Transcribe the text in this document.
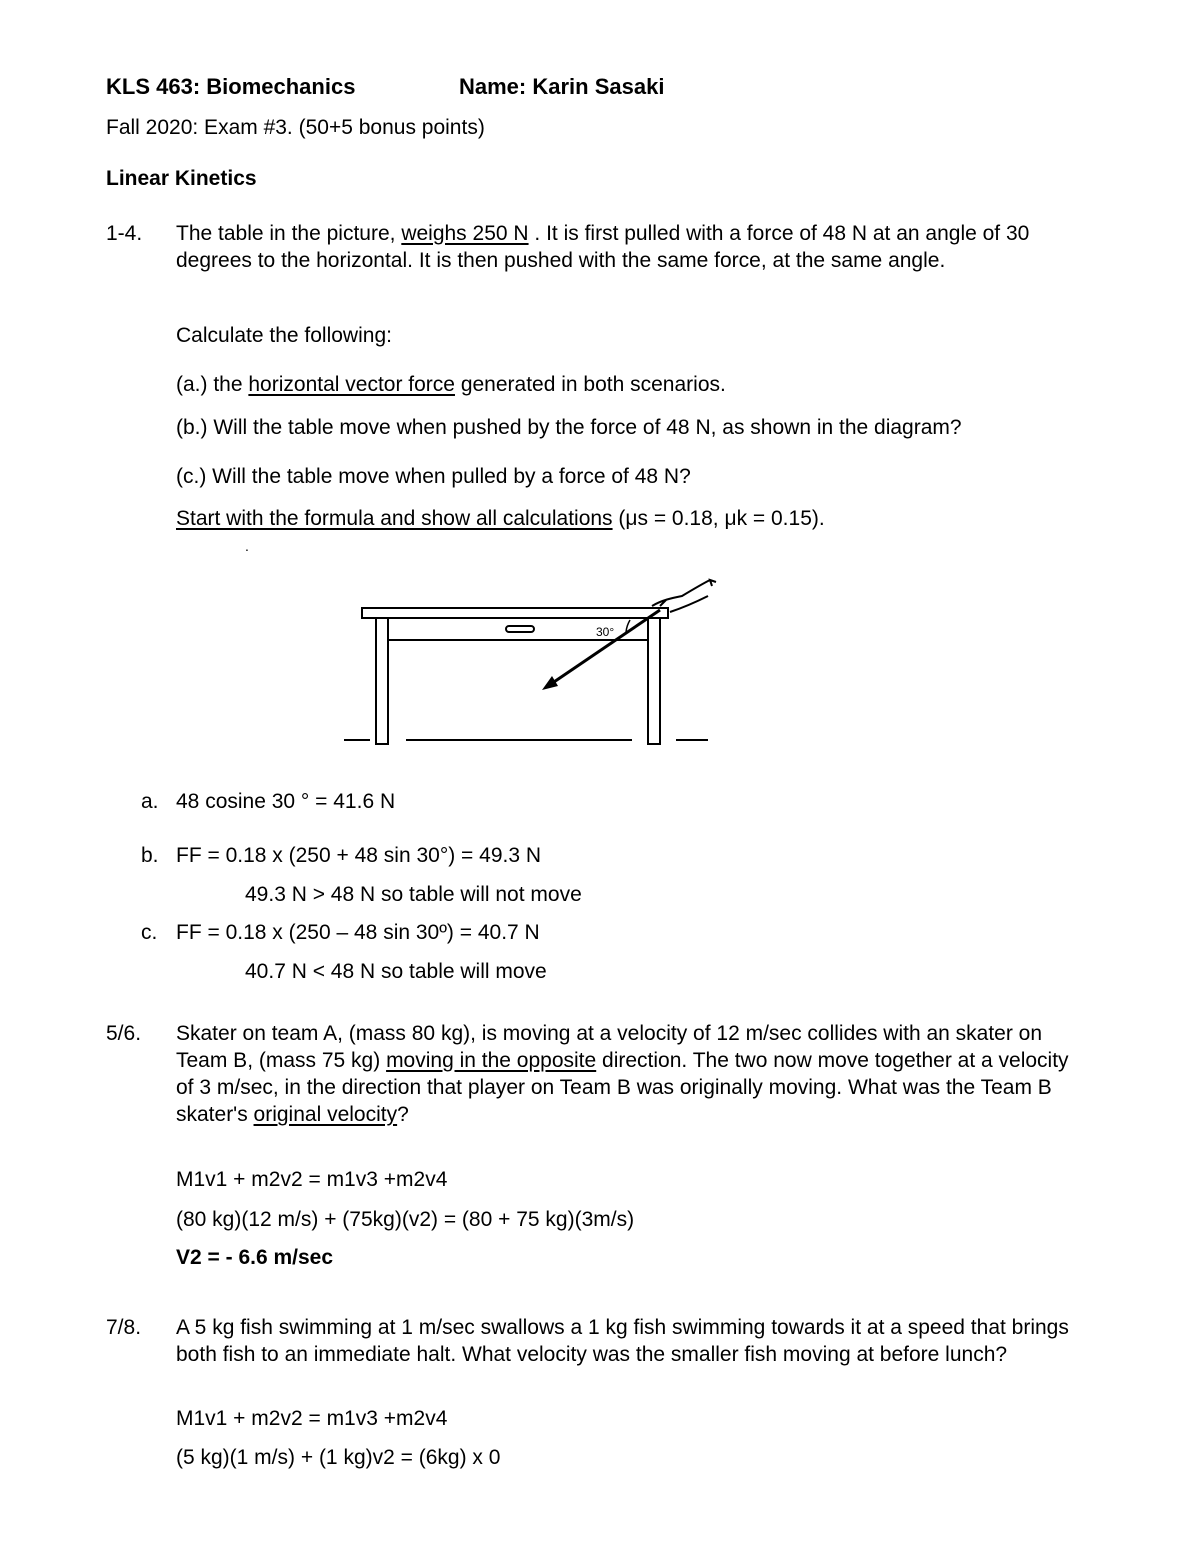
KLS 463: Biomechanics	Name: Karin Sasaki
Fall 2020: Exam #3. (50+5 bonus points)
Linear Kinetics
1-4. The table in the picture, weighs 250 N . It is first pulled with a force of 48 N at an angle of 30 degrees to the horizontal. It is then pushed with the same force, at the same angle.
Calculate the following:
(a.) the horizontal vector force generated in both scenarios.
(b.) Will the table move when pushed by the force of 48 N, as shown in the diagram?
(c.) Will the table move when pulled by a force of 48 N?
Start with the formula and show all calculations (μs = 0.18, μk = 0.15).
.
30°
a. 48 cosine 30 ° = 41.6 N
b. FF = 0.18 x (250 + 48 sin 30°) = 49.3 N
49.3 N > 48 N so table will not move
c. FF = 0.18 x (250 – 48 sin 30º) = 40.7 N
40.7 N < 48 N so table will move
5/6. Skater on team A, (mass 80 kg), is moving at a velocity of 12 m/sec collides with an skater on Team B, (mass 75 kg) moving in the opposite direction. The two now move together at a velocity of 3 m/sec, in the direction that player on Team B was originally moving. What was the Team B skater's original velocity?
M1v1 + m2v2 = m1v3 +m2v4
(80 kg)(12 m/s) + (75kg)(v2) = (80 + 75 kg)(3m/s)
V2 = - 6.6 m/sec
7/8. A 5 kg fish swimming at 1 m/sec swallows a 1 kg fish swimming towards it at a speed that brings both fish to an immediate halt. What velocity was the smaller fish moving at before lunch?
M1v1 + m2v2 = m1v3 +m2v4
(5 kg)(1 m/s) + (1 kg)v2 = (6kg) x 0
